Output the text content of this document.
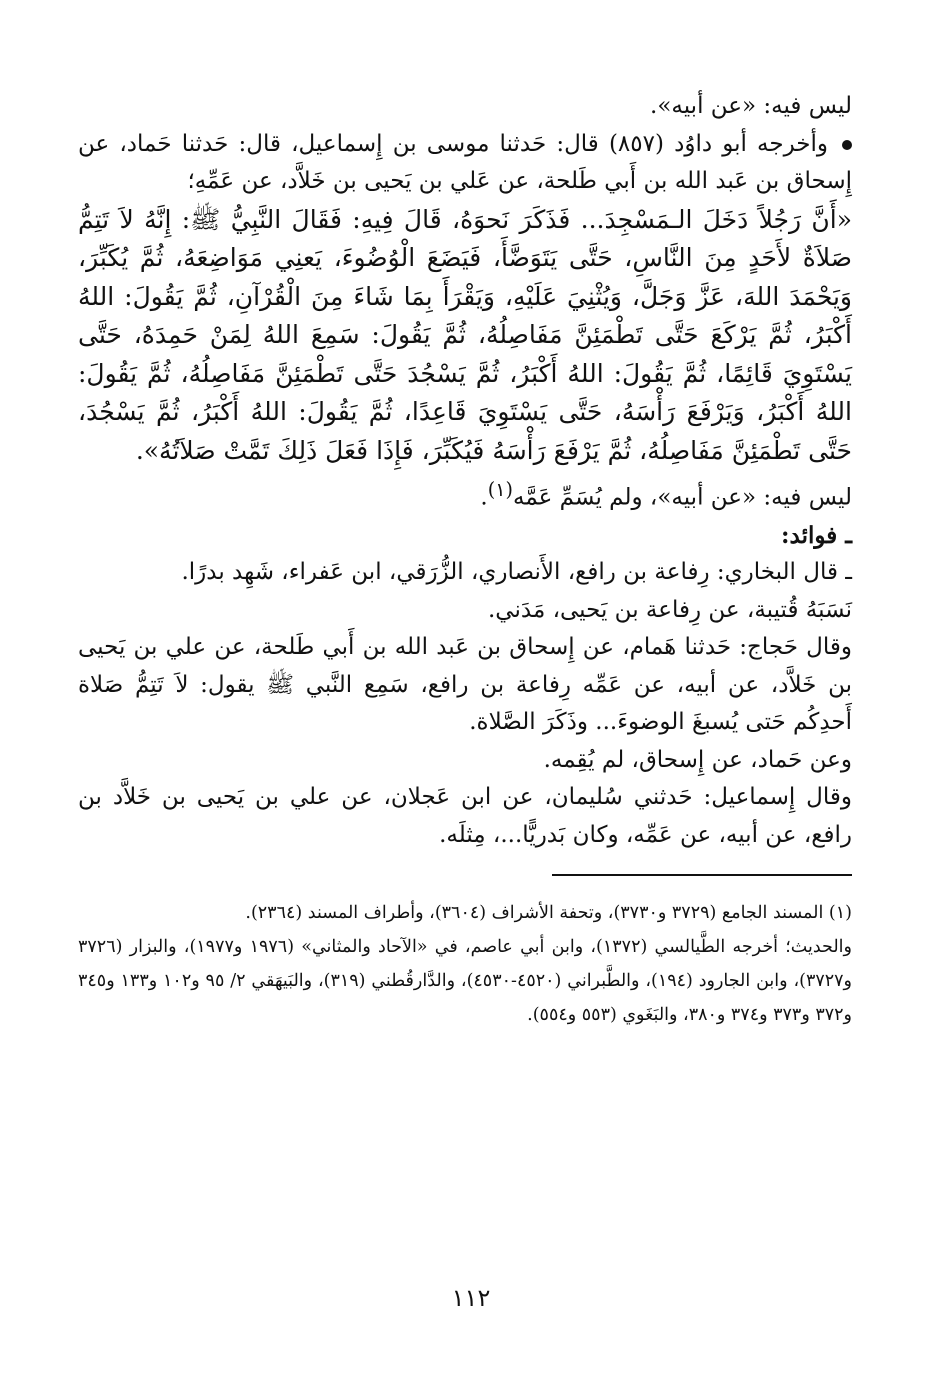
ليس فيه: «عن أبيه».

وأخرجه أبو داوُد (٨٥٧) قال: حَدثنا موسى بن إِسماعيل، قال: حَدثنا حَماد، عن إِسحاق بن عَبد الله بن أَبي طَلحة، عن عَلي بن يَحيى بن خَلاَّد، عن عَمِّهِ؛

«أَنَّ رَجُلاً دَخَلَ الـمَسْجِدَ... فَذَكَرَ نَحوَهُ، قَالَ فِيهِ: فَقَالَ النَّبِيُّ ﷺ: إِنَّهُ لاَ تَتِمُّ صَلاَةٌ لأَحَدٍ مِنَ النَّاسِ، حَتَّى يَتَوَضَّأَ، فَيَضَعَ الْوُضُوءَ، يَعنِي مَوَاضِعَهُ، ثُمَّ يُكَبِّرَ، وَيَحْمَدَ اللهَ، عَزَّ وَجَلَّ، وَيُثْنِيَ عَلَيْهِ، وَيَقْرَأَ بِمَا شَاءَ مِنَ الْقُرْآنِ، ثُمَّ يَقُولَ: اللهُ أَكْبَرُ، ثُمَّ يَرْكَعَ حَتَّى تَطْمَئِنَّ مَفَاصِلُهُ، ثُمَّ يَقُولَ: سَمِعَ اللهُ لِمَنْ حَمِدَهُ، حَتَّى يَسْتَوِيَ قَائِمًا، ثُمَّ يَقُولَ: اللهُ أَكْبَرُ، ثُمَّ يَسْجُدَ حَتَّى تَطْمَئِنَّ مَفَاصِلُهُ، ثُمَّ يَقُولَ: اللهُ أَكْبَرُ، وَيَرْفَعَ رَأْسَهُ، حَتَّى يَسْتَوِيَ قَاعِدًا، ثُمَّ يَقُولَ: اللهُ أَكْبَرُ، ثُمَّ يَسْجُدَ، حَتَّى تَطْمَئِنَّ مَفَاصِلُهُ، ثُمَّ يَرْفَعَ رَأْسَهُ فَيُكَبِّرَ، فَإِذَا فَعَلَ ذَلِكَ تَمَّتْ صَلاَتُهُ».

ليس فيه: «عن أبيه»، ولم يُسَمِّ عَمَّه$^{(١)}$.

ـ فوائد:

ـ قال البخاري: رِفاعة بن رافع، الأَنصاري، الزُّرَقي، ابن عَفراء، شَهِد بدرًا.

نَسَبَهُ قُتيبة، عن رِفاعة بن يَحيى، مَدَني.

وقال حَجاج: حَدثنا هَمام، عن إِسحاق بن عَبد الله بن أَبي طَلحة، عن علي بن يَحيى بن خَلاَّد، عن أبيه، عن عَمِّه رِفاعة بن رافع، سَمِع النَّبي ﷺ يقول: لاَ تَتِمُّ صَلاة أَحدِكُم حَتى يُسبغَ الوضوءَ... وذَكَرَ الصَّلاة.

وعن حَماد، عن إِسحاق، لم يُقِمه.

وقال إِسماعيل: حَدثني سُليمان، عن ابن عَجلان، عن علي بن يَحيى بن خَلاَّد بن رافع، عن أبيه، عن عَمِّه، وكان بَدريًّا...، مِثلَه.

(١) المسند الجامع (٣٧٢٩ و٣٧٣٠)، وتحفة الأشراف (٣٦٠٤)، وأطراف المسند (٢٣٦٤).

والحديث؛ أخرجه الطَّيالسي (١٣٧٢)، وابن أبي عاصم، في «الآحاد والمثاني» (١٩٧٦ و١٩٧٧)، والبزار (٣٧٢٦ و٣٧٢٧)، وابن الجارود (١٩٤)، والطَّبراني (٤٥٢٠-٤٥٣٠)، والدَّارقُطني (٣١٩)، والبَيهَقي ٢/ ٩٥ و١٠٢ و١٣٣ و٣٤٥ و٣٧٢ و٣٧٣ و٣٧٤ و٣٨٠، والبَغَوي (٥٥٣ و٥٥٤).

١١٢
